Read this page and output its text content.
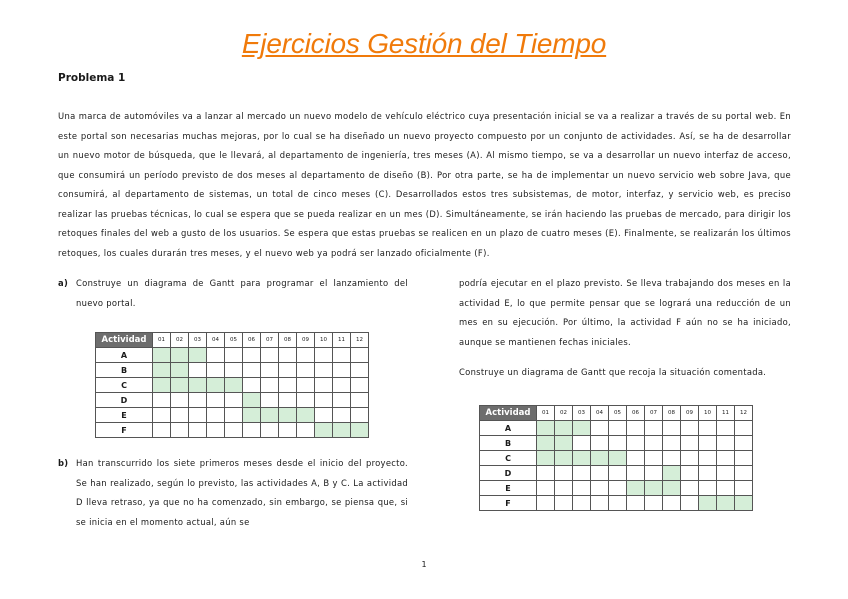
Ejercicios Gestión del Tiempo
Problema 1
Una marca de automóviles va a lanzar al mercado un nuevo modelo de vehículo eléctrico cuya presentación inicial se va a realizar a través de su portal web. En este portal son necesarias muchas mejoras, por lo cual se ha diseñado un nuevo proyecto compuesto por un conjunto de actividades. Así, se ha de desarrollar un nuevo motor de búsqueda, que le llevará, al departamento de ingeniería, tres meses (A). Al mismo tiempo, se va a desarrollar un nuevo interfaz de acceso, que consumirá un período previsto de dos meses al departamento de diseño (B). Por otra parte, se ha de implementar un nuevo servicio web sobre Java, que consumirá, al departamento de sistemas, un total de cinco meses (C). Desarrollados estos tres subsistemas, de motor, interfaz, y servicio web, es preciso realizar las pruebas técnicas, lo cual se espera que se pueda realizar en un mes (D). Simultáneamente, se irán haciendo las pruebas de mercado, para dirigir los retoques finales del web a gusto de los usuarios. Se espera que estas pruebas se realicen en un plazo de cuatro meses (E). Finalmente, se realizarán los últimos retoques, los cuales durarán tres meses, y el nuevo web ya podrá ser lanzado oficialmente (F).
a) Construye un diagrama de Gantt para programar el lanzamiento del nuevo portal.
Actividad	01	02	03	04	05	06	07	08	09	10	11	12
A												
B												
C												
D												
E												
F												
b) Han transcurrido los siete primeros meses desde el inicio del proyecto. Se han realizado, según lo previsto, las actividades A, B y C. La actividad D lleva retraso, ya que no ha comenzado, sin embargo, se piensa que, si se inicia en el momento actual, aún se
podría ejecutar en el plazo previsto. Se lleva trabajando dos meses en la actividad E, lo que permite pensar que se logrará una reducción de un mes en su ejecución. Por último, la actividad F aún no se ha iniciado, aunque se mantienen fechas iniciales.
Construye un diagrama de Gantt que recoja la situación comentada.
Actividad	01	02	03	04	05	06	07	08	09	10	11	12
A												
B												
C												
D												
E												
F												
1
